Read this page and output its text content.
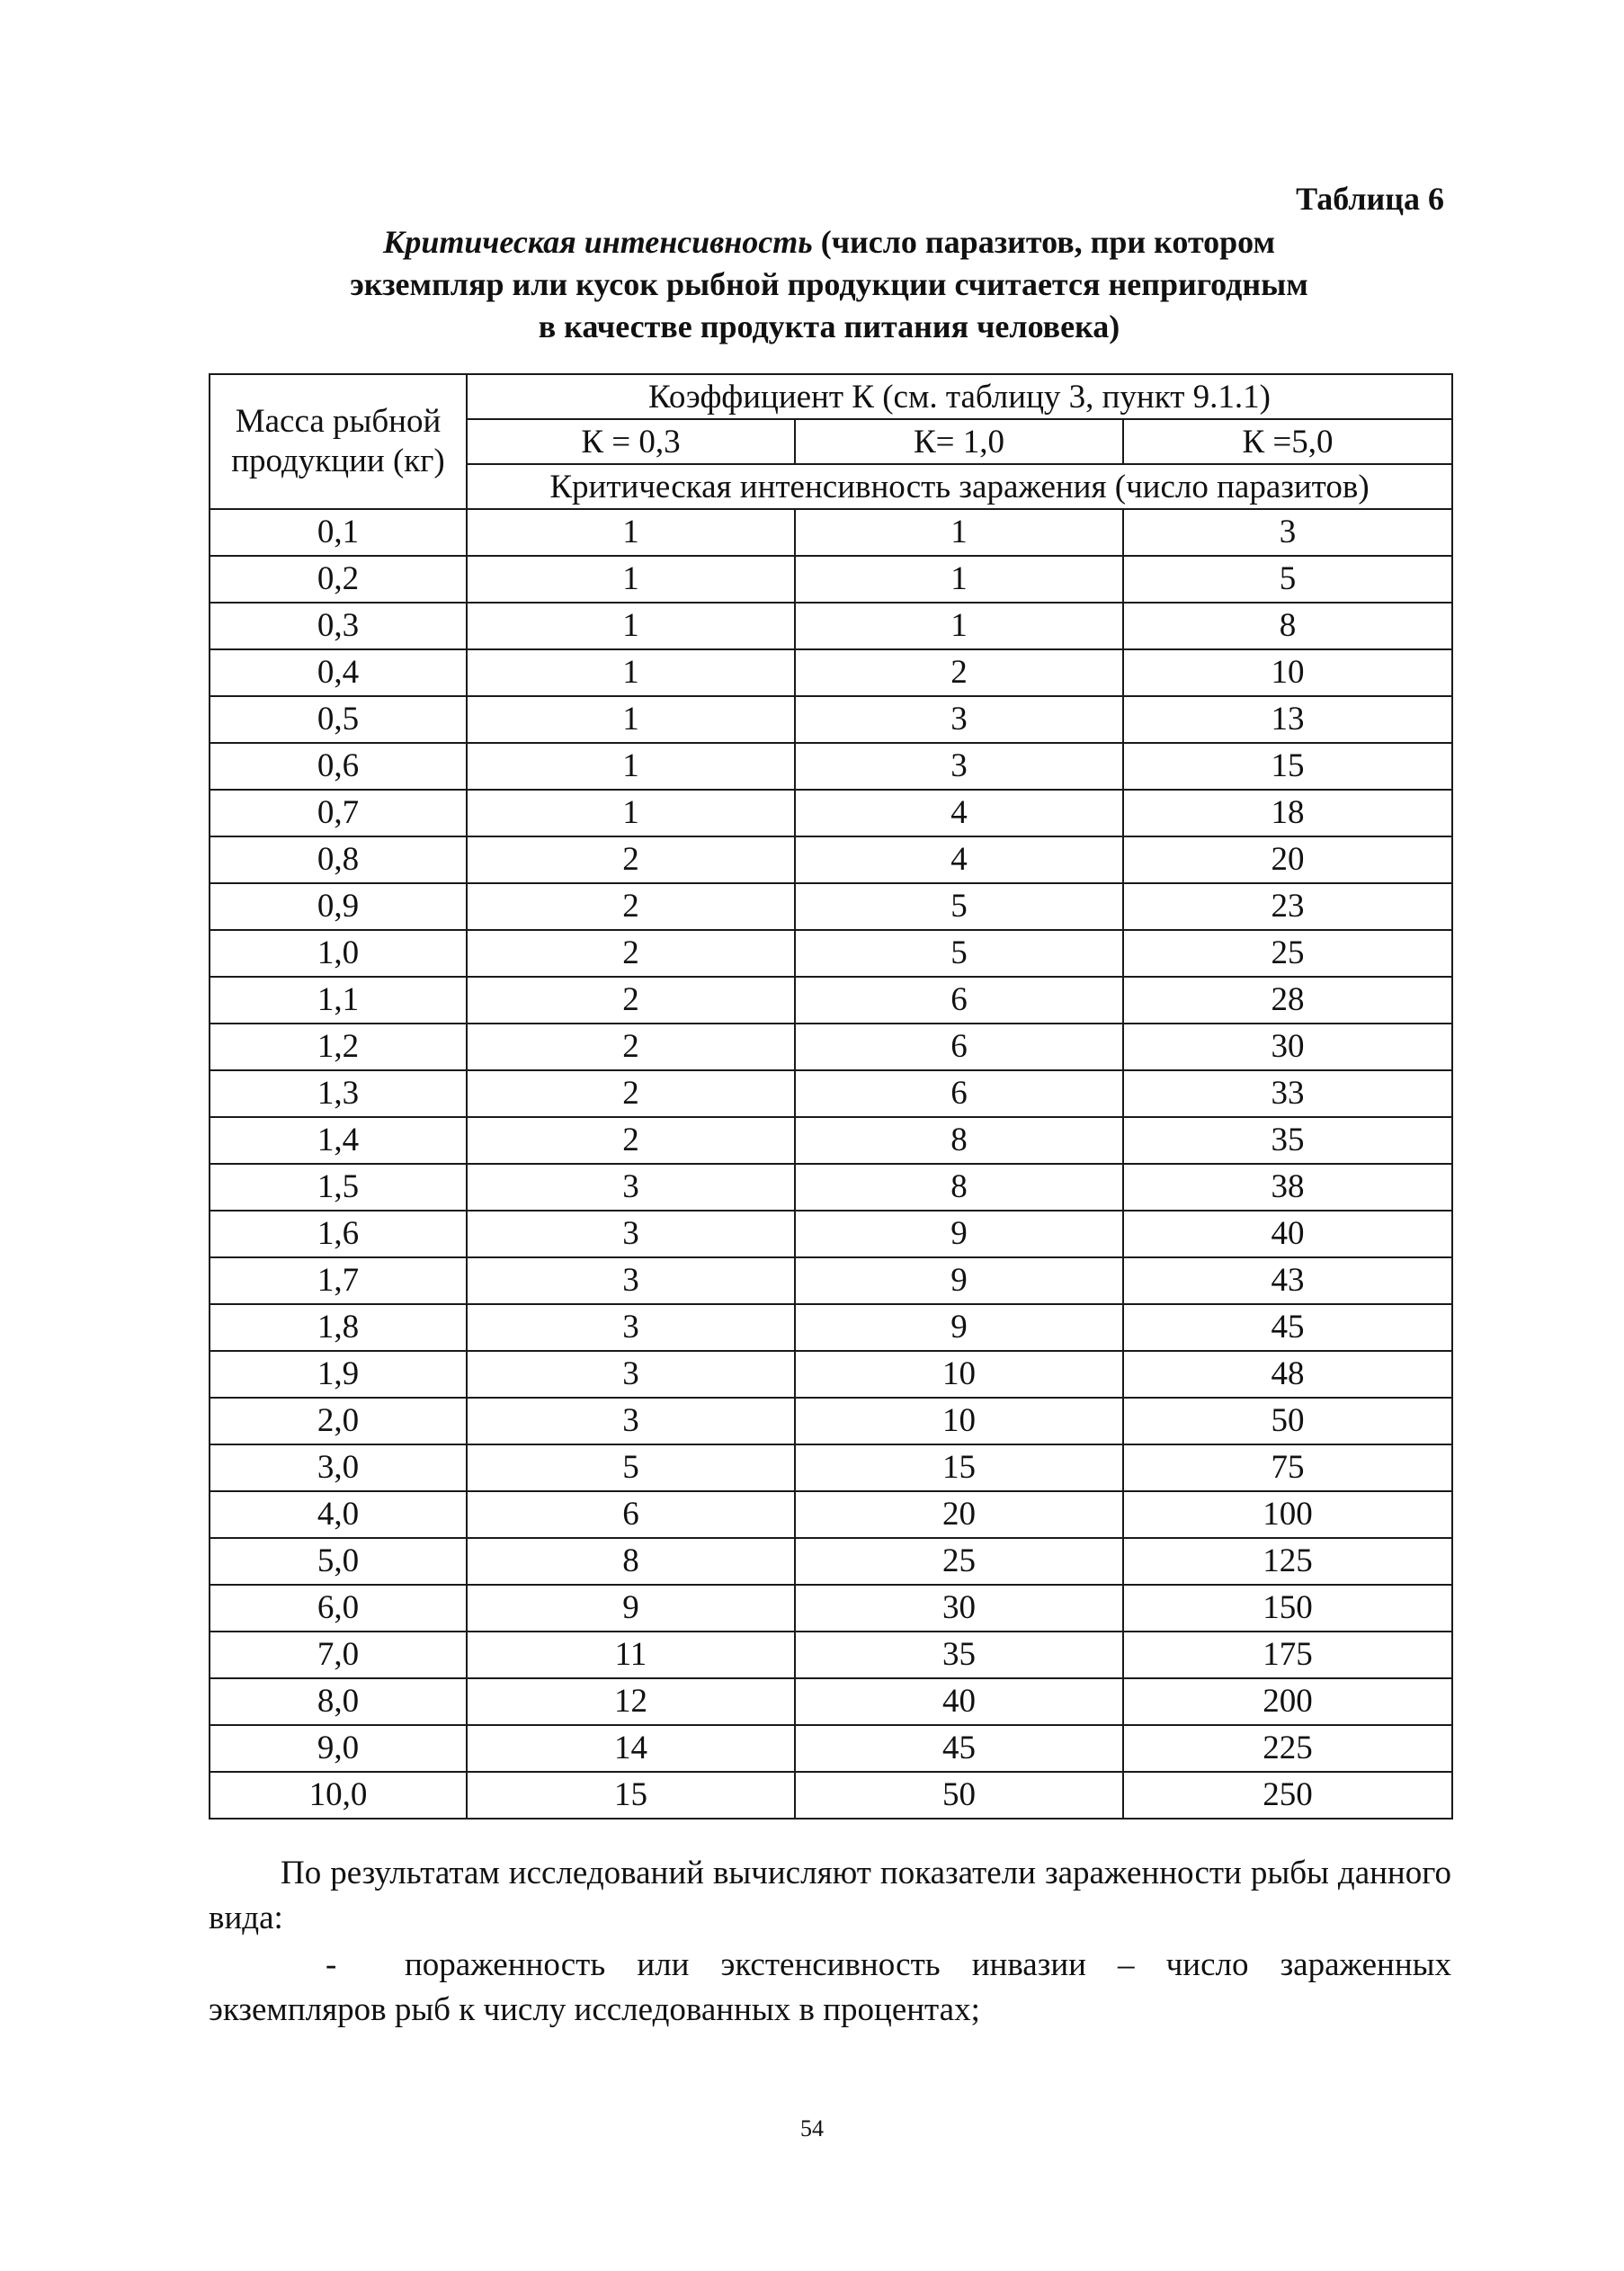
Таблица 6
Критическая интенсивность (число паразитов, при котором
экземпляр или кусок рыбной продукции считается непригодным
в качестве продукта питания человека)
Масса рыбной продукции (кг)	Коэффициент К (см. таблицу 3, пункт 9.1.1)		
	К = 0,3	К= 1,0	К =5,0
	Критическая интенсивность заражения (число паразитов)		
0,1	1	1	3
0,2	1	1	5
0,3	1	1	8
0,4	1	2	10
0,5	1	3	13
0,6	1	3	15
0,7	1	4	18
0,8	2	4	20
0,9	2	5	23
1,0	2	5	25
1,1	2	6	28
1,2	2	6	30
1,3	2	6	33
1,4	2	8	35
1,5	3	8	38
1,6	3	9	40
1,7	3	9	43
1,8	3	9	45
1,9	3	10	48
2,0	3	10	50
3,0	5	15	75
4,0	6	20	100
5,0	8	25	125
6,0	9	30	150
7,0	11	35	175
8,0	12	40	200
9,0	14	45	225
10,0	15	50	250
По результатам исследований вычисляют показатели зараженности рыбы данного вида:
-	пораженность или экстенсивность инвазии – число зараженных экземпляров рыб к числу исследованных в процентах;
54
